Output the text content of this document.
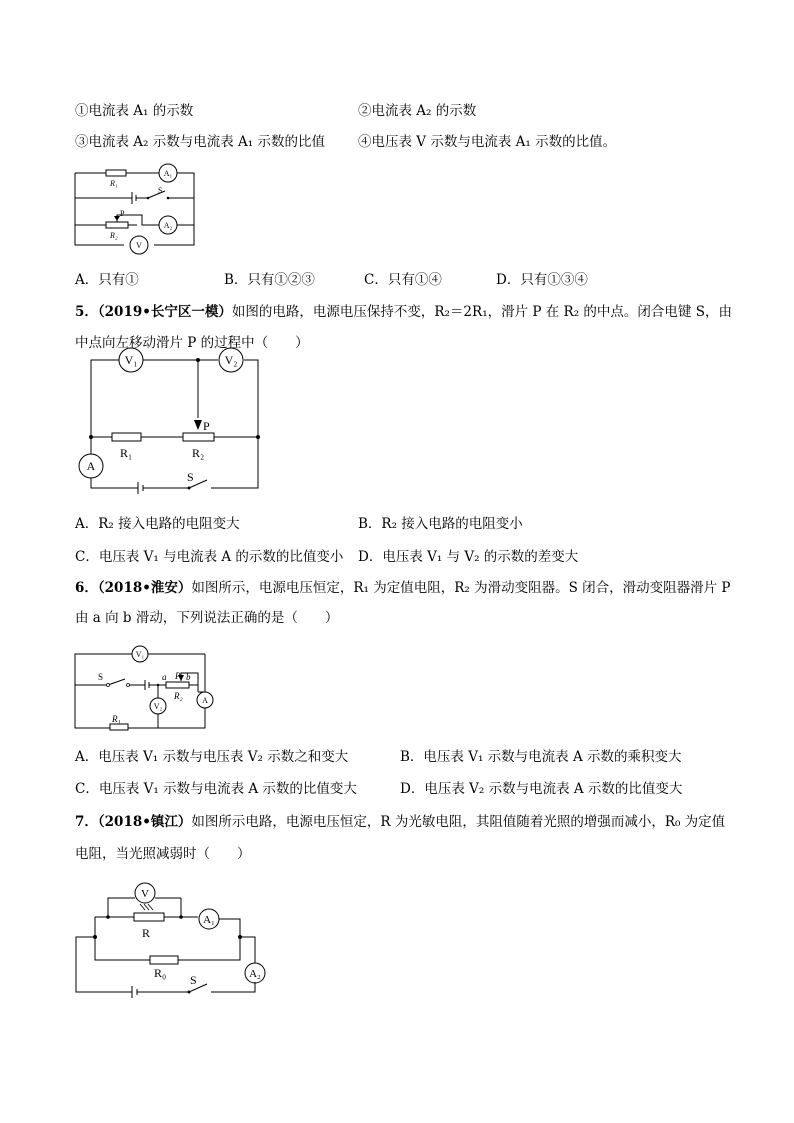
①电流表 A₁ 的示数	②电流表 A₂ 的示数
③电流表 A₂ 示数与电流表 A₁ 示数的比值 ④电压表 V 示数与电流表 A₁ 示数的比值。
R₁
S
P
R₂
A₁
A₂
V
A．只有①	B．只有①②③	C．只有①④	D．只有①③④
5．（2019•长宁区一模）如图的电路，电源电压保持不变，R₂＝2R₁，滑片 P 在 R₂ 的中点。闭合电键 S，由
中点向左移动滑片 P 的过程中（　　）
V₁	V₂
A
P
R₁	R₂
S
A．R₂ 接入电路的电阻变大	B．R₂ 接入电路的电阻变小
C．电压表 V₁ 与电流表 A 的示数的比值变小 D．电压表 V₁ 与 V₂ 的示数的差变大
6．（2018•淮安）如图所示，电源电压恒定，R₁ 为定值电阻，R₂ 为滑动变阻器。S 闭合，滑动变阻器滑片 P
由 a 向 b 滑动，下列说法正确的是（　　）
V₁
V₂
A
S	a P b
R₂
R₁
A．电压表 V₁ 示数与电压表 V₂ 示数之和变大	B．电压表 V₁ 示数与电流表 A 示数的乘积变大
C．电压表 V₁ 示数与电流表 A 示数的比值变大	D．电压表 V₂ 示数与电流表 A 示数的比值变大
7．（2018•镇江）如图所示电路，电源电压恒定，R 为光敏电阻，其阻值随着光照的增强而减小，R₀ 为定值
电阻，当光照减弱时（　　）
V
A₁
A₂
R
R₀ S
